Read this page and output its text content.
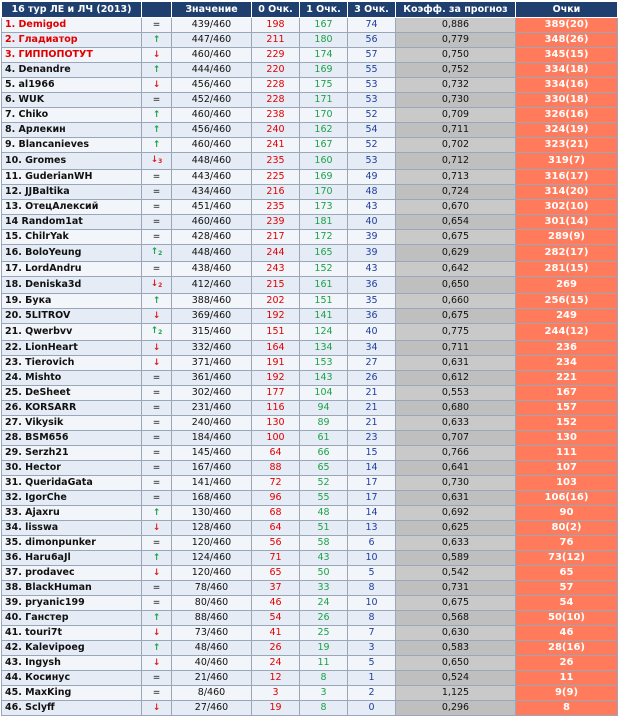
16 тур ЛЕ и ЛЧ (2013)		Значение	0 Очк.	1 Очк.	3 Очк.	Коэфф. за прогноз	Очки
1. Demigod	=	439/460	198	167	74	0,886	389(20)
2. Гладиатор	↑	447/460	211	180	56	0,779	348(26)
3. ГИППОПОТУТ	↓	460/460	229	174	57	0,750	345(15)
4. Denandre	↑	444/460	220	169	55	0,752	334(18)
5. al1966	↓	456/460	228	175	53	0,732	334(16)
6. WUK	=	452/460	228	171	53	0,730	330(18)
7. Chiko	↑	460/460	238	170	52	0,709	326(16)
8. Арлекин	↑	456/460	240	162	54	0,711	324(19)
9. Blancanieves	↑	460/460	241	167	52	0,702	323(21)
10. Gromes	$↓_3$	448/460	235	160	53	0,712	319(7)
11. GuderianWH	=	443/460	225	169	49	0,713	316(17)
12. JJBaltika	=	434/460	216	170	48	0,724	314(20)
13. ОтецАлексий	=	451/460	235	173	43	0,670	302(10)
14 Random1at	=	460/460	239	181	40	0,654	301(14)
15. ChilrYak	=	428/460	217	172	39	0,675	289(9)
16. BoloYeung	$↑_2$	448/460	244	165	39	0,629	282(17)
17. LordAndru	=	438/460	243	152	43	0,642	281(15)
18. Deniska3d	$↓_2$	412/460	215	161	36	0,650	269
19. Бука	↑	388/460	202	151	35	0,660	256(15)
20. 5LITROV	↓	369/460	192	141	36	0,675	249
21. Qwerbvv	$↑_2$	315/460	151	124	40	0,775	244(12)
22. LionHeart	↓	332/460	164	134	34	0,711	236
23. Tierovich	↓	371/460	191	153	27	0,631	234
24. Mishto	=	361/460	192	143	26	0,612	221
25. DeSheet	=	302/460	177	104	21	0,553	167
26. KORSARR	=	231/460	116	94	21	0,680	157
27. Vikysik	=	240/460	130	89	21	0,633	152
28. BSM656	=	184/460	100	61	23	0,707	130
29. Serzh21	=	145/460	64	66	15	0,766	111
30. Hector	=	167/460	88	65	14	0,641	107
31. QueridaGata	=	141/460	72	52	17	0,730	103
32. IgorChe	=	168/460	96	55	17	0,631	106(16)
33. Ajaxru	↑	130/460	68	48	14	0,692	90
34. lisswa	↓	128/460	64	51	13	0,625	80(2)
35. dimonpunker	=	120/460	56	58	6	0,633	76
36. Haru6aJl	↑	124/460	71	43	10	0,589	73(12)
37. prodavec	↓	120/460	65	50	5	0,542	65
38. BlackHuman	=	78/460	37	33	8	0,731	57
39. pryanic199	=	80/460	46	24	10	0,675	54
40. Ганстер	↑	88/460	54	26	8	0,568	50(10)
41. touri7t	↓	73/460	41	25	7	0,630	46
42. Kalevipoeg	↑	48/460	26	19	3	0,583	28(16)
43. Ingysh	↓	40/460	24	11	5	0,650	26
44. Косинус	=	21/460	12	8	1	0,524	11
45. MaxKing	=	8/460	3	3	2	1,125	9(9)
46. Sclyff	↓	27/460	19	8	0	0,296	8
